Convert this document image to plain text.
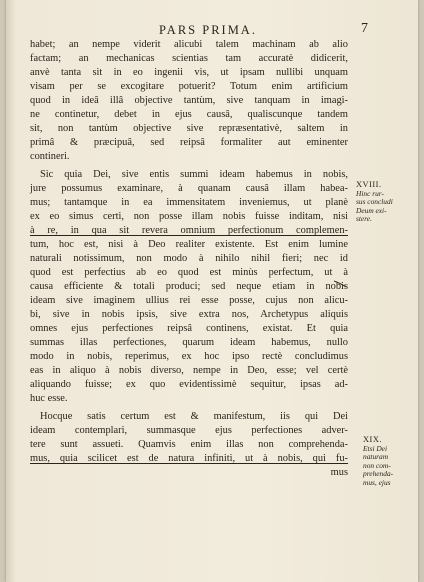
PARS PRIMA.	7
habet; an nempe viderit alicubi talem machinam ab alio
factam; an mechanicas scientias tam accuratè didicerit,
anvè tanta sit in eo ingenii vis, ut ipsam nullibi unquam
visam per se excogitare potuerit? Totum enim artificium
quod in ideâ illâ objective tantùm, sive tanquam in imagi-
ne continetur, debet in ejus causâ, qualiscunque tandem
sit, non tantùm objective sive repræsentativè, saltem in
primâ & præcipuâ, sed reipsâ formaliter aut eminenter
contineri.
Sic quia Dei, sive entis summi ideam habemus in nobis,
jure possumus examinare, à quanam causâ illam habea-
mus; tantamque in ea immensitatem inveniemus, ut planè
ex eo simus certi, non posse illam nobis fuisse inditam, nisi
à re, in qua sit revera omnium perfectionum complemen-
tum, hoc est, nisi à Deo realiter existente. Est enim lumine
naturali notissimum, non modo à nihilo nihil fieri; nec id
quod est perfectius ab eo quod est minùs perfectum, ut à
causa efficiente & totali produci; sed neque etiam in nobis
ideam sive imaginem ullius rei esse posse, cujus non alicu-
bi, sive in nobis ipsis, sive extra nos, Archetypus aliquis
omnes ejus perfectiones reipsâ continens, existat. Et quia
summas illas perfectiones, quarum ideam habemus, nullo
modo in nobis, reperimus, ex hoc ipso rectè concludimus
eas in aliquo à nobis diverso, nempe in Deo, esse; vel certè
aliquando fuisse; ex quo evidentissimè sequitur, ipsas ad-
huc esse.
Hocque satis certum est & manifestum, iis qui Dei
ideam contemplari, summasque ejus perfectiones adver-
tere sunt assueti. Quamvis enim illas non comprehenda-
mus, quia scilicet est de natura infiniti, ut à nobis, qui fu-
mus
XVIII.
Hinc rur-
sus concludi
Deum exi-
stere.
XIX.
Etsi Dei
naturam
non com-
prehenda-
mus, ejus
